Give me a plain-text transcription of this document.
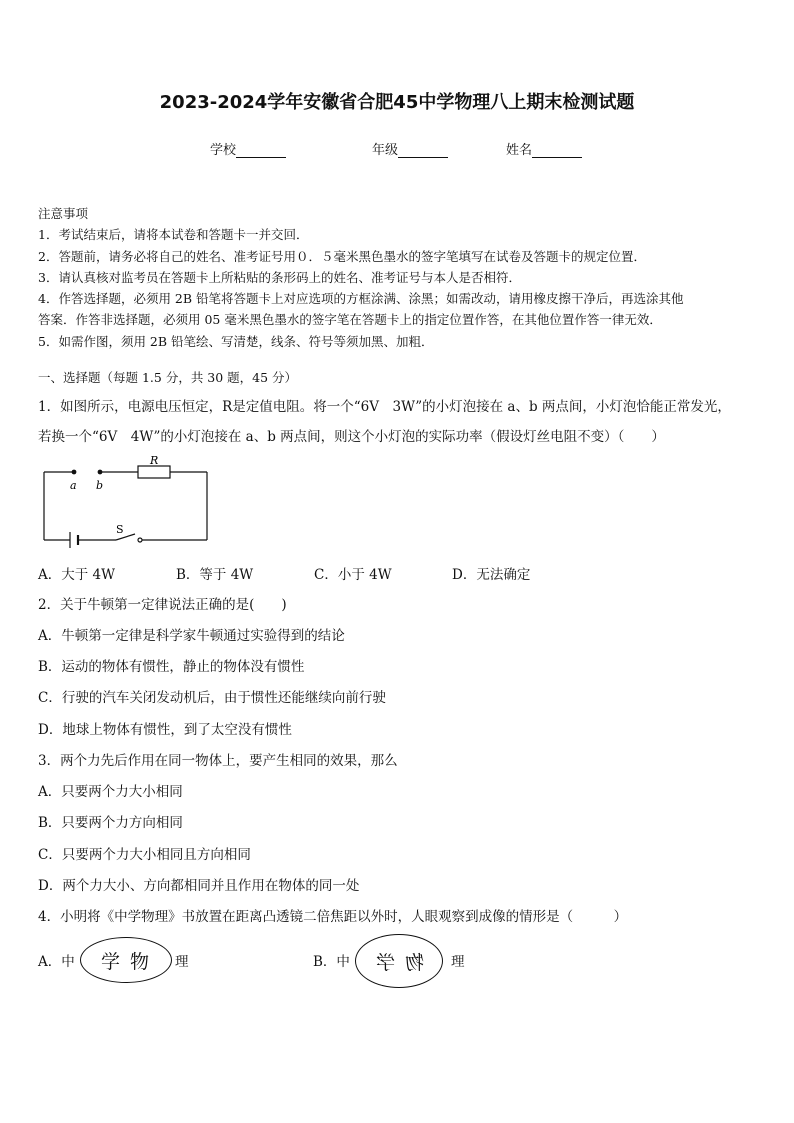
2023-2024学年安徽省合肥45中学物理八上期末检测试题
学校	年级	姓名

注意事项

1．考试结束后，请将本试卷和答题卡一并交回．

2．答题前，请务必将自己的姓名、准考证号用０．５毫米黑色墨水的签字笔填写在试卷及答题卡的规定位置．

3．请认真核对监考员在答题卡上所粘贴的条形码上的姓名、准考证号与本人是否相符．

4．作答选择题，必须用 2B 铅笔将答题卡上对应选项的方框涂满、涂黑；如需改动，请用橡皮擦干净后，再选涂其他

答案．作答非选择题，必须用 05 毫米黑色墨水的签字笔在答题卡上的指定位置作答，在其他位置作答一律无效．

5．如需作图，须用 2B 铅笔绘、写清楚，线条、符号等须加黑、加粗．

一、选择题（每题 1.5 分，共 30 题，45 分）
1．如图所示，电源电压恒定，R是定值电阻。将一个“6V　3W”的小灯泡接在 a、b 两点间，小灯泡恰能正常发光，
若换一个“6V　4W”的小灯泡接在 a、b 两点间，则这个小灯泡的实际功率（假设灯丝电阻不变）（　　）
R
a b
S
A．大于 4W	B．等于 4W	C．小于 4W	D．无法确定
2．关于牛顿第一定律说法正确的是(　　)
A．牛顿第一定律是科学家牛顿通过实验得到的结论
B．运动的物体有惯性，静止的物体没有惯性
C．行驶的汽车关闭发动机后，由于惯性还能继续向前行驶
D．地球上物体有惯性，到了太空没有惯性
3．两个力先后作用在同一物体上，要产生相同的效果，那么
A．只要两个力大小相同
B．只要两个力方向相同
C．只要两个力大小相同且方向相同
D．两个力大小、方向都相同并且作用在物体的同一处
4．小明将《中学物理》书放置在距离凸透镜二倍焦距以外时，人眼观察到成像的情形是（　　　）
A．中 学 物 理	B．中 物 学 理
